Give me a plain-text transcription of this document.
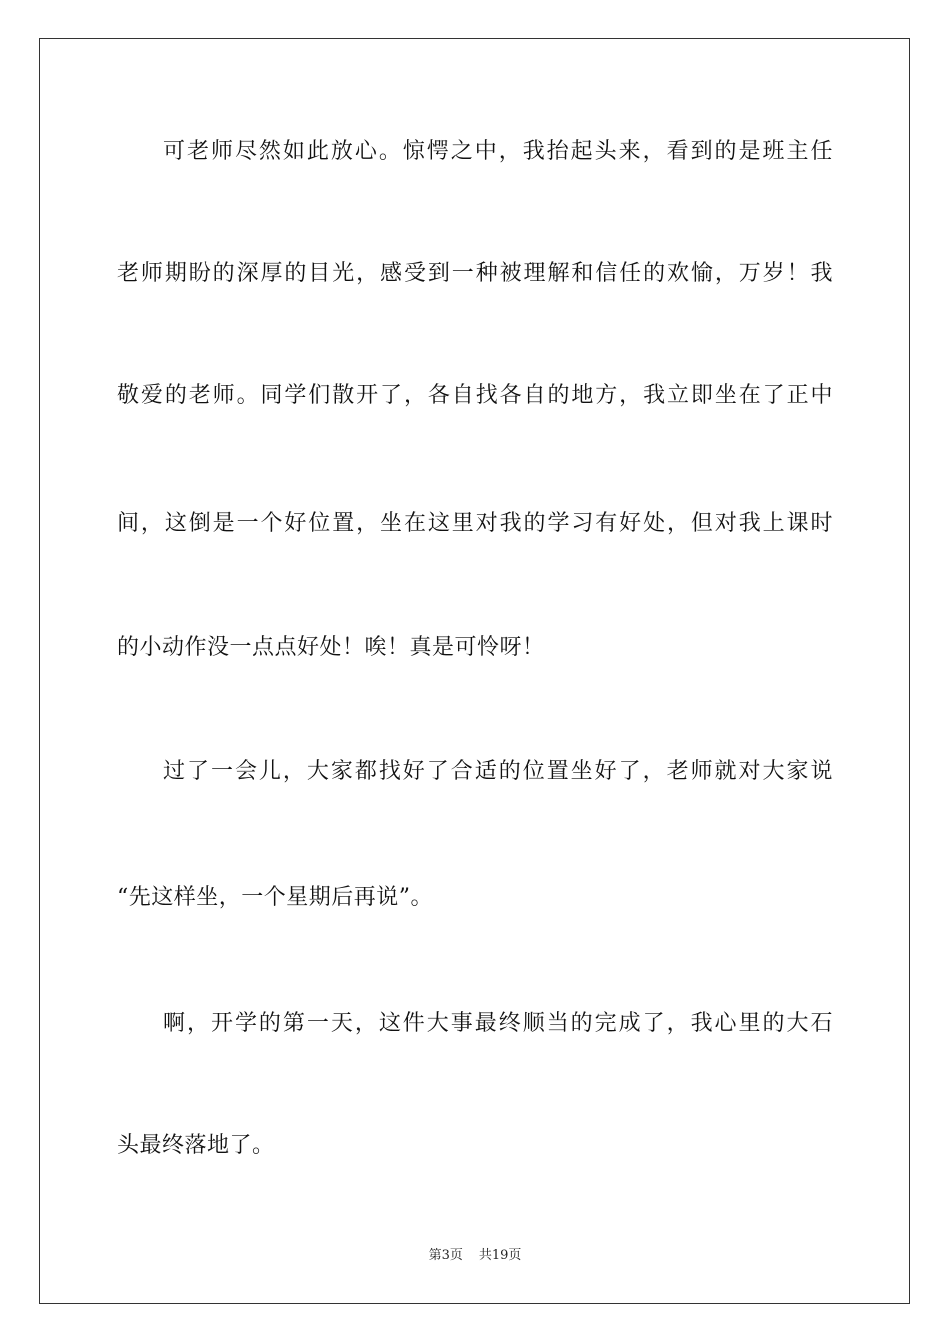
可老师尽然如此放心。惊愕之中，我抬起头来，看到的是班主任
老师期盼的深厚的目光，感受到一种被理解和信任的欢愉，万岁！我
敬爱的老师。同学们散开了，各自找各自的地方，我立即坐在了正中
间，这倒是一个好位置，坐在这里对我的学习有好处，但对我上课时
的小动作没一点点好处！唉！真是可怜呀！
过了一会儿，大家都找好了合适的位置坐好了，老师就对大家说
“先这样坐，一个星期后再说”。
啊，开学的第一天，这件大事最终顺当的完成了，我心里的大石
头最终落地了。
第3页 共19页
